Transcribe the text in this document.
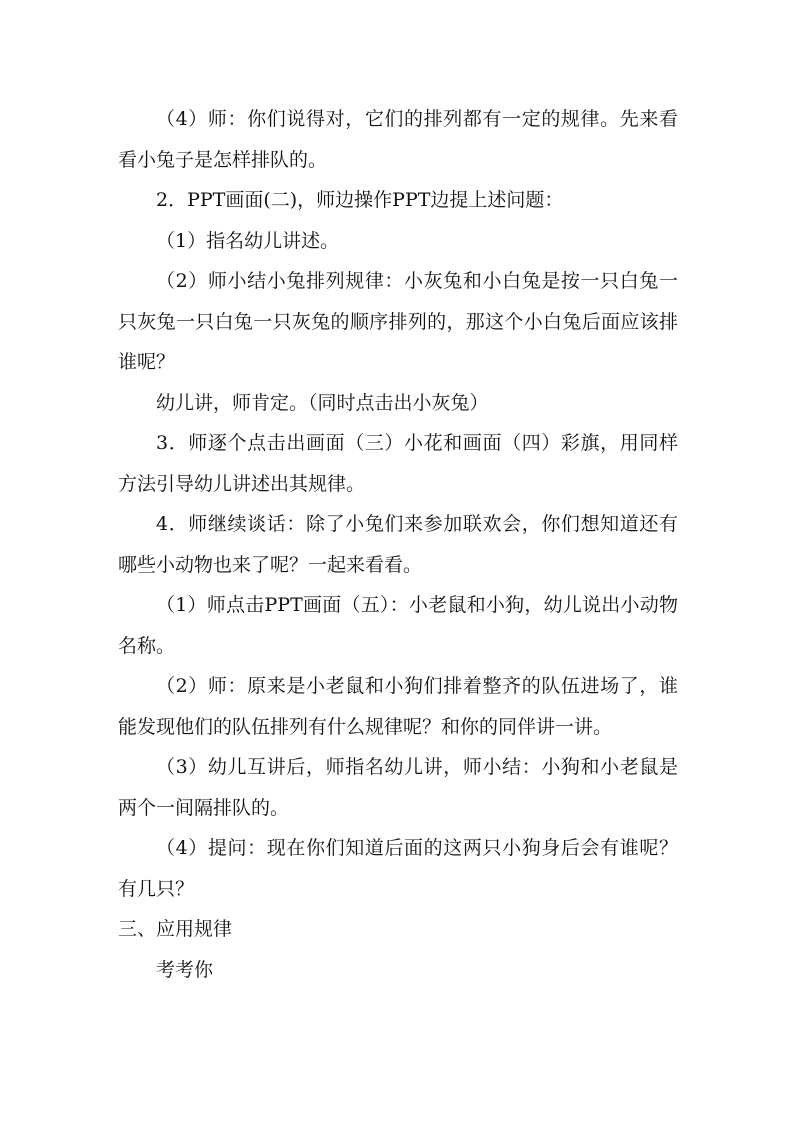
（4）师：你们说得对，它们的排列都有一定的规律。先来看看小兔子是怎样排队的。

2．PPT画面(二)，师边操作PPT边提上述问题：

（1）指名幼儿讲述。

（2）师小结小兔排列规律：小灰兔和小白兔是按一只白兔一只灰兔一只白兔一只灰兔的顺序排列的，那这个小白兔后面应该排谁呢？

幼儿讲，师肯定。（同时点击出小灰兔）

3．师逐个点击出画面（三）小花和画面（四）彩旗，用同样方法引导幼儿讲述出其规律。

4．师继续谈话：除了小兔们来参加联欢会，你们想知道还有哪些小动物也来了呢？一起来看看。

（1）师点击PPT画面（五）：小老鼠和小狗，幼儿说出小动物名称。

（2）师：原来是小老鼠和小狗们排着整齐的队伍进场了，谁能发现他们的队伍排列有什么规律呢？和你的同伴讲一讲。

（3）幼儿互讲后，师指名幼儿讲，师小结：小狗和小老鼠是两个一间隔排队的。

（4）提问：现在你们知道后面的这两只小狗身后会有谁呢？有几只？

三、应用规律

考考你
